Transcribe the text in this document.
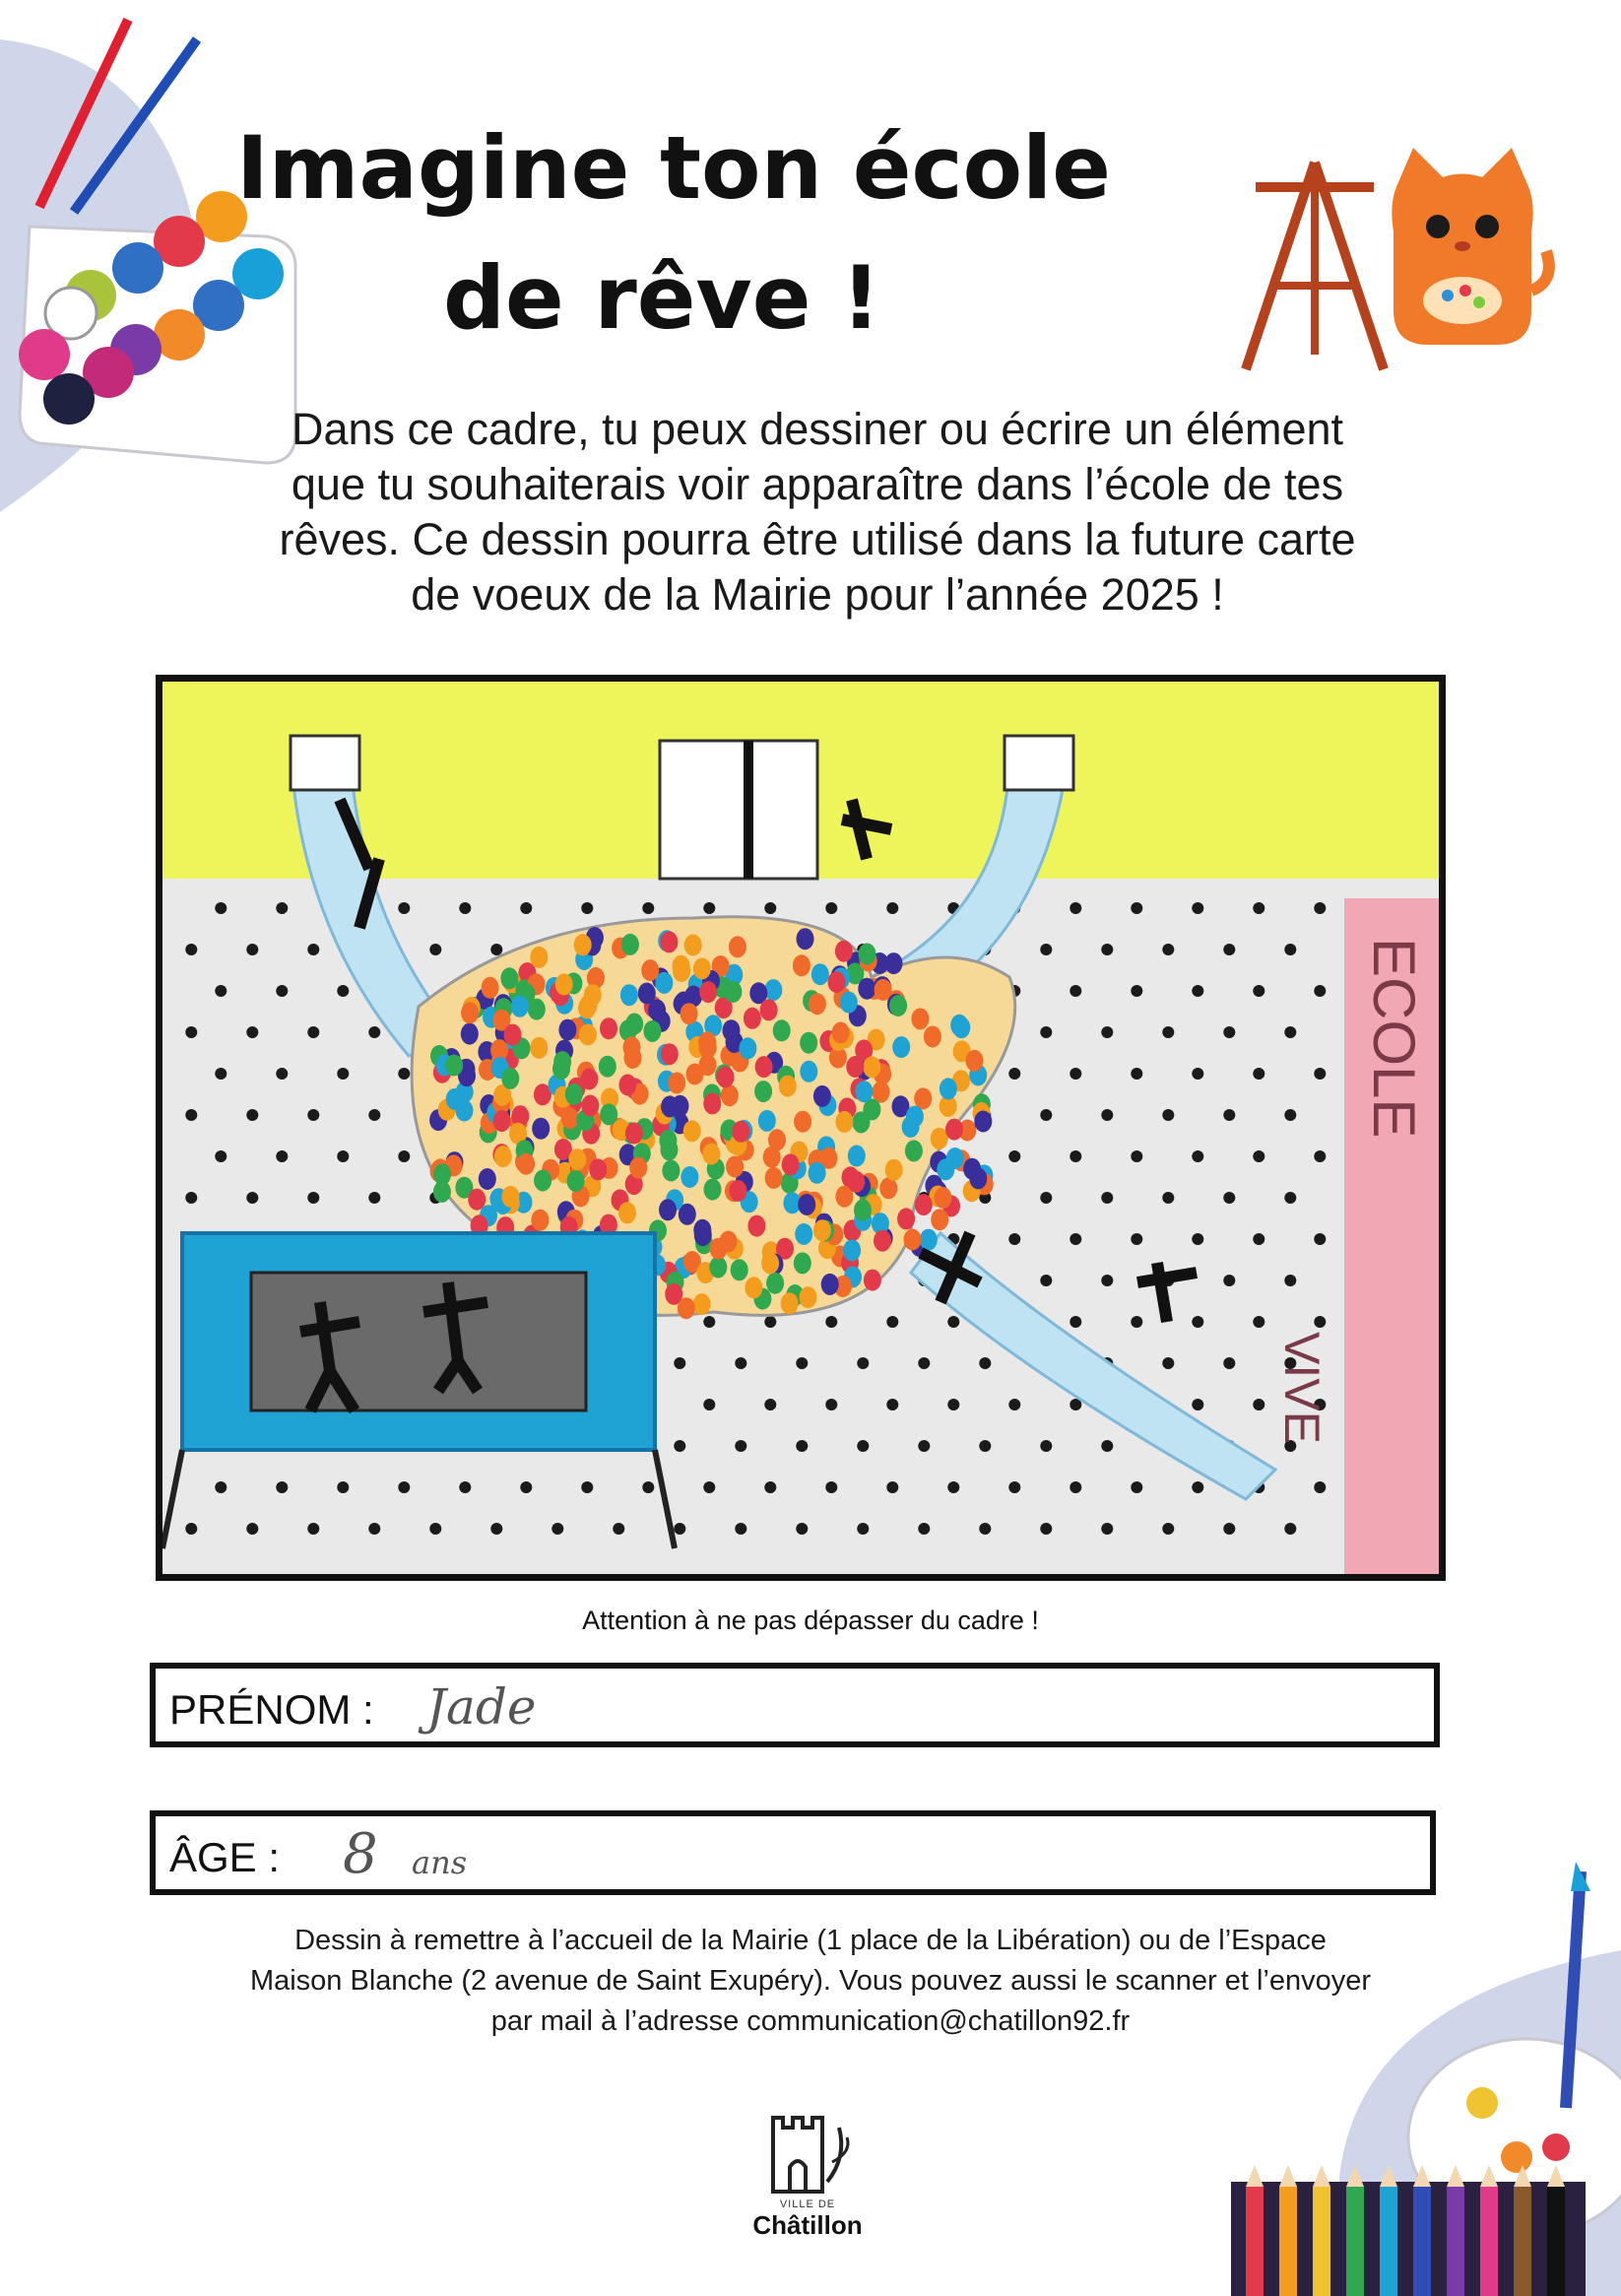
Imagine ton école
de rêve !
Dans ce cadre, tu peux dessiner ou écrire un élément
que tu souhaiterais voir apparaître dans l’école de tes
rêves. Ce dessin pourra être utilisé dans la future carte
de voeux de la Mairie pour l’année 2025 !
ECOLE
VIVE
Attention à ne pas dépasser du cadre !
PRÉNOM : Jade
ÂGE : 8 ans
Dessin à remettre à l’accueil de la Mairie (1 place de la Libération) ou de l’Espace
Maison Blanche (2 avenue de Saint Exupéry). Vous pouvez aussi le scanner et l’envoyer
par mail à l’adresse communication@chatillon92.fr
VILLE DE
Châtillon
